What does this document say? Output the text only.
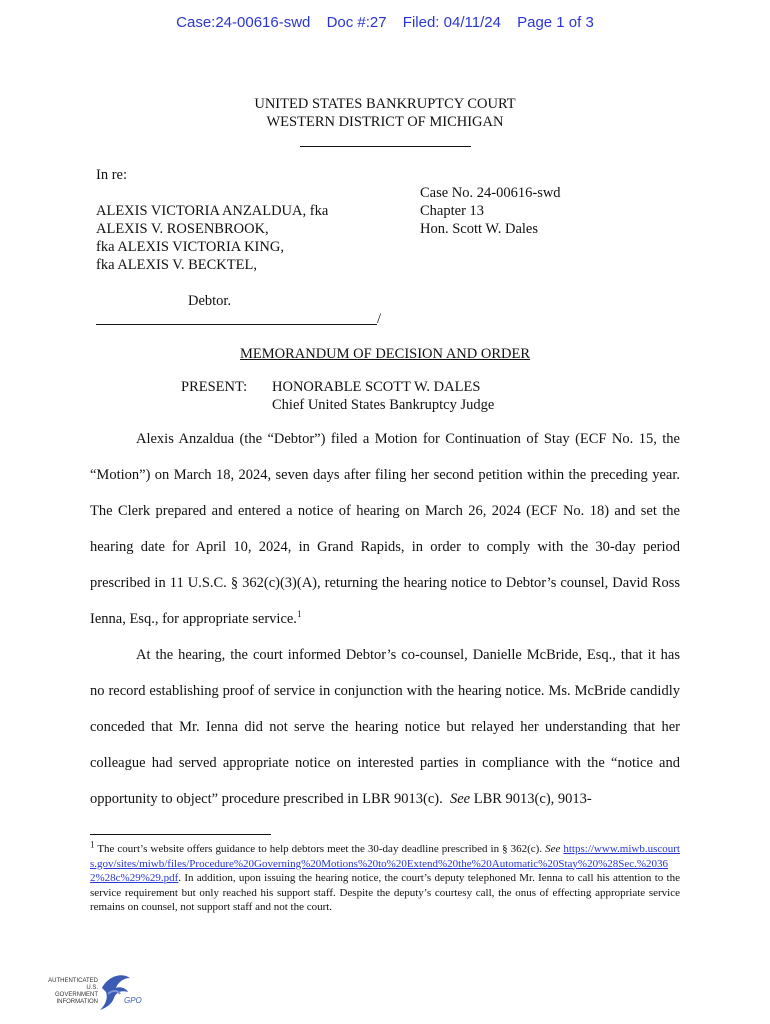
Case:24-00616-swd Doc #:27 Filed: 04/11/24 Page 1 of 3
UNITED STATES BANKRUPTCY COURT
WESTERN DISTRICT OF MICHIGAN
In re:
ALEXIS VICTORIA ANZALDUA, fka
ALEXIS V. ROSENBROOK,
fka ALEXIS VICTORIA KING,
fka ALEXIS V. BECKTEL,
Debtor.
/
Case No. 24-00616-swd
Chapter 13
Hon. Scott W. Dales
MEMORANDUM OF DECISION AND ORDER
PRESENT: HONORABLE SCOTT W. DALES
Chief United States Bankruptcy Judge

Alexis Anzaldua (the “Debtor”) filed a Motion for Continuation of Stay (ECF No. 15, the “Motion”) on March 18, 2024, seven days after filing her second petition within the preceding year. The Clerk prepared and entered a notice of hearing on March 26, 2024 (ECF No. 18) and set the hearing date for April 10, 2024, in Grand Rapids, in order to comply with the 30-day period prescribed in 11 U.S.C. § 362(c)(3)(A), returning the hearing notice to Debtor’s counsel, David Ross Ienna, Esq., for appropriate service.$^1$

At the hearing, the court informed Debtor’s co-counsel, Danielle McBride, Esq., that it has no record establishing proof of service in conjunction with the hearing notice. Ms. McBride candidly conceded that Mr. Ienna did not serve the hearing notice but relayed her understanding that her colleague had served appropriate notice on interested parties in compliance with the “notice and opportunity to object” procedure prescribed in LBR 9013(c). See LBR 9013(c), 9013-

$^1$ The court’s website offers guidance to help debtors meet the 30-day deadline prescribed in § 362(c). See https://www.miwb.uscourts.gov/sites/miwb/files/Procedure%20Governing%20Motions%20to%20Extend%20the%20Automatic%20Stay%20%28Sec.%20362%28c%29%29.pdf. In addition, upon issuing the hearing notice, the court’s deputy telephoned Mr. Ienna to call his attention to the service requirement but only reached his support staff. Despite the deputy’s courtesy call, the onus of effecting appropriate service remains on counsel, not support staff and not the court.
AUTHENTICATED
U.S. GOVERNMENT
INFORMATION	GPO
